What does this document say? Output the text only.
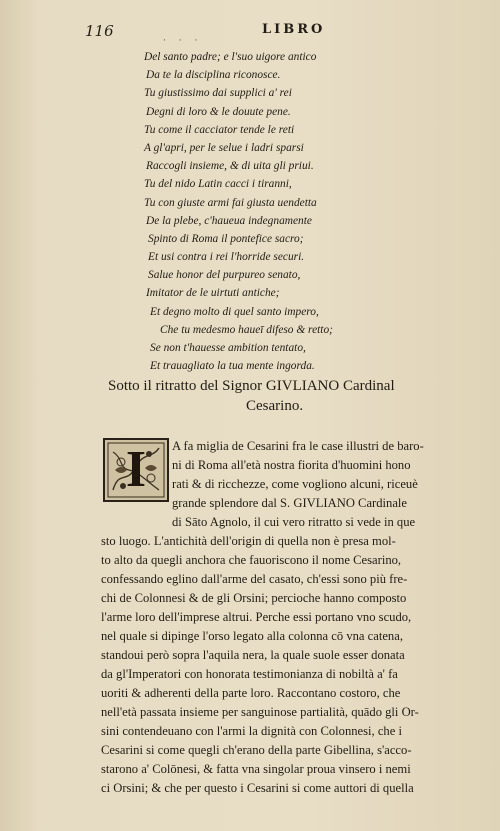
116	LIBRO
· · ·
Del santo padre; e l'suo uigore antico
Da te la disciplina riconosce.
Tu giustissimo dai supplici a' rei
Degni di loro & le douute pene.
Tu come il cacciator tende le reti
A gl'apri, per le selue i ladri sparsi
Raccogli insieme, & di uita gli priui.
Tu del nido Latin cacci i tiranni,
Tu con giuste armi fai giusta uendetta
De la plebe, c'haueua indegnamente
Spinto di Roma il pontefice sacro;
Et usi contra i rei l'horride securi.
Salue honor del purpureo senato,
Imitator de le uirtuti antiche;
Et degno molto di quel santo impero,
Che tu medesmo haueī difeso & retto;
Se non t'hauesse ambition tentato,
Et trauagliato la tua mente ingorda.
Sotto il ritratto del Signor GIVLIANO Cardinal
Cesarino.
I A fa miglia de Cesarini fra le case illustri de baro-
ni di Roma all'età nostra fiorita d'huomini hono
rati & di ricchezze, come vogliono alcuni, riceuè
grande splendore dal S. GIVLIANO Cardinale
di Sāto Agnolo, il cui vero ritratto si vede in que
sto luogo. L'antichità dell'origin di quella non è presa mol-
to alto da quegli anchora che fauoriscono il nome Cesarino,
confessando eglino dall'arme del casato, ch'essi sono più fre-
chi de Colonnesi & de gli Orsini; percioche hanno composto
l'arme loro dell'imprese altrui. Perche essi portano vno scudo,
nel quale si dipinge l'orso legato alla colonna cō vna catena,
standoui però sopra l'aquila nera, la quale suole esser donata
da gl'Imperatori con honorata testimonianza di nobiltà a' fa
uoriti & adherenti della parte loro. Raccontano costoro, che
nell'età passata insieme per sanguinose partialità, quādo gli Or-
sini contendeuano con l'armi la dignità con Colonnesi, che i
Cesarini si come quegli ch'erano della parte Gibellina, s'acco-
starono a' Colōnesi, & fatta vna singolar proua vinsero i nemi
ci Orsini; & che per questo i Cesarini si come auttori di quella
